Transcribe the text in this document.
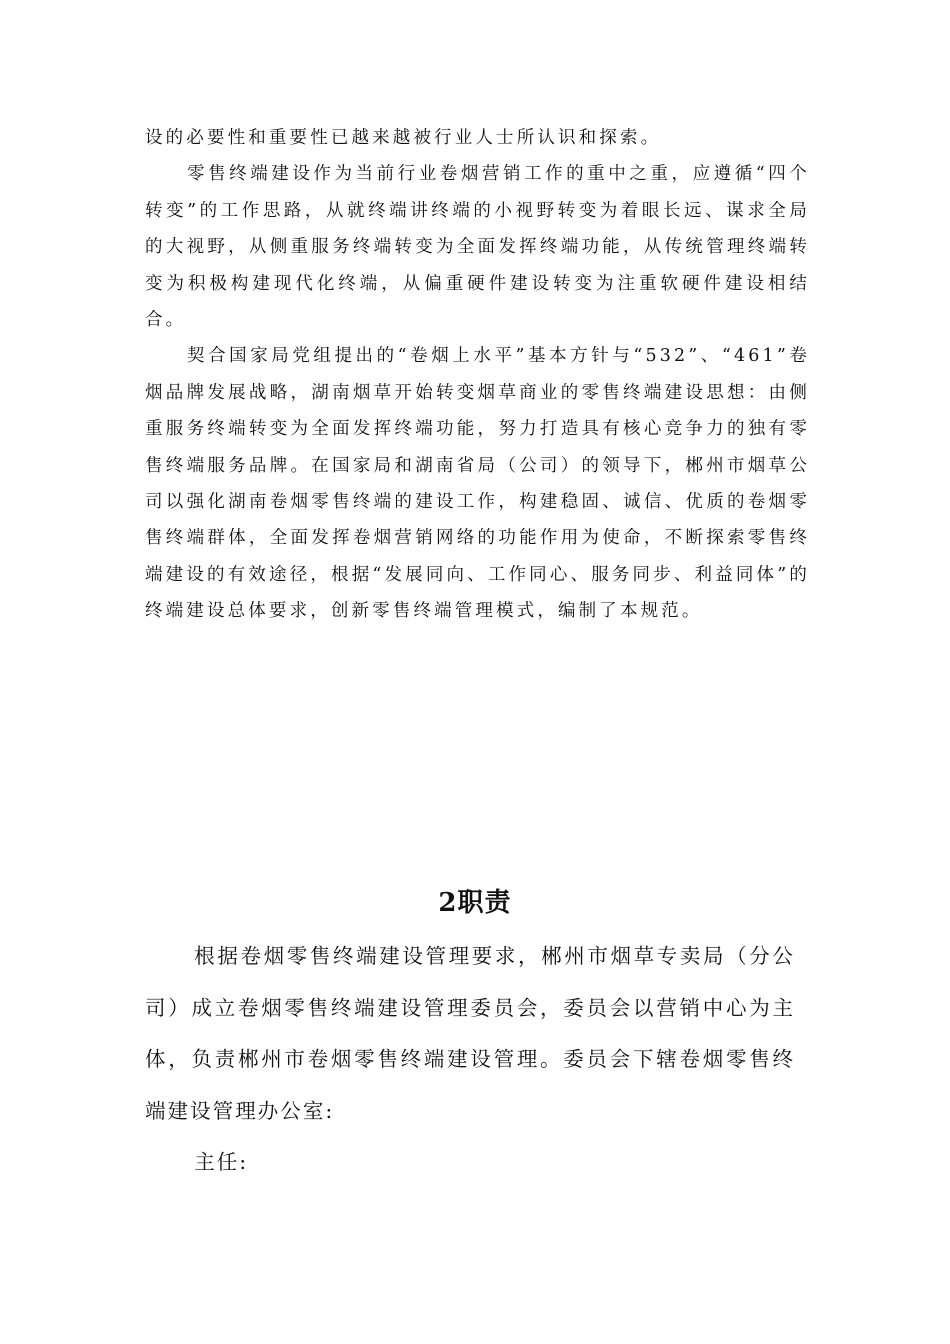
设的必要性和重要性已越来越被行业人士所认识和探索。

零售终端建设作为当前行业卷烟营销工作的重中之重，应遵循“四个转变”的工作思路，从就终端讲终端的小视野转变为着眼长远、谋求全局的大视野，从侧重服务终端转变为全面发挥终端功能，从传统管理终端转变为积极构建现代化终端，从偏重硬件建设转变为注重软硬件建设相结合。

契合国家局党组提出的“卷烟上水平”基本方针与“532”、“461”卷烟品牌发展战略，湖南烟草开始转变烟草商业的零售终端建设思想：由侧重服务终端转变为全面发挥终端功能，努力打造具有核心竞争力的独有零售终端服务品牌。在国家局和湖南省局（公司）的领导下，郴州市烟草公司以强化湖南卷烟零售终端的建设工作，构建稳固、诚信、优质的卷烟零售终端群体，全面发挥卷烟营销网络的功能作用为使命，不断探索零售终端建设的有效途径，根据“发展同向、工作同心、服务同步、利益同体”的终端建设总体要求，创新零售终端管理模式，编制了本规范。

2职责

根据卷烟零售终端建设管理要求，郴州市烟草专卖局（分公司）成立卷烟零售终端建设管理委员会，委员会以营销中心为主体，负责郴州市卷烟零售终端建设管理。委员会下辖卷烟零售终端建设管理办公室:

主任:
